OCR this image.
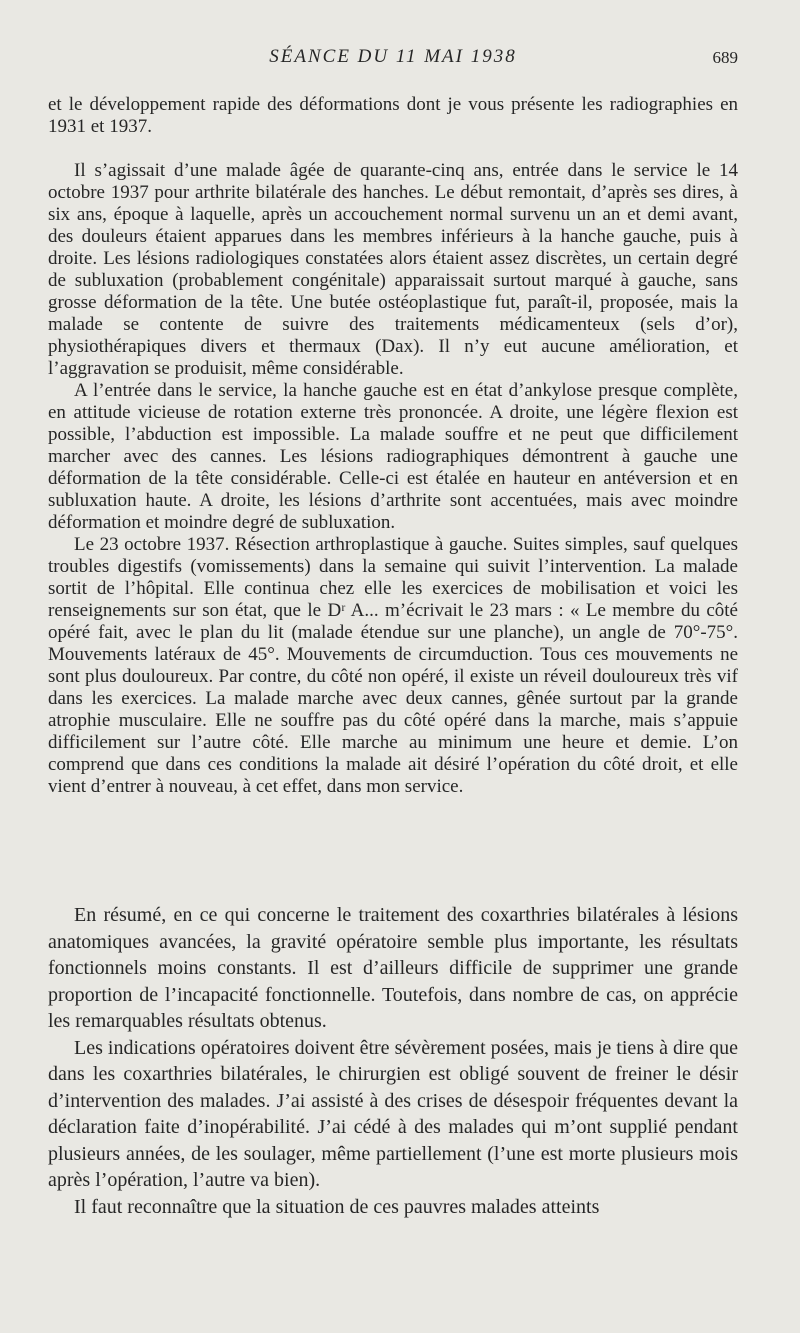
SÉANCE DU 11 MAI 1938	689

et le développement rapide des déformations dont je vous présente les radiographies en 1931 et 1937.

Il s’agissait d’une malade âgée de quarante-cinq ans, entrée dans le service le 14 octobre 1937 pour arthrite bilatérale des hanches. Le début remontait, d’après ses dires, à six ans, époque à laquelle, après un accouchement normal survenu un an et demi avant, des douleurs étaient apparues dans les membres inférieurs à la hanche gauche, puis à droite. Les lésions radiologiques constatées alors étaient assez discrètes, un certain degré de subluxation (probablement congénitale) apparaissait surtout marqué à gauche, sans grosse déformation de la tête. Une butée ostéoplastique fut, paraît-il, proposée, mais la malade se contente de suivre des traitements médicamenteux (sels d’or), physiothérapiques divers et thermaux (Dax). Il n’y eut aucune amélioration, et l’aggravation se produisit, même considérable.

A l’entrée dans le service, la hanche gauche est en état d’ankylose presque complète, en attitude vicieuse de rotation externe très prononcée. A droite, une légère flexion est possible, l’abduction est impossible. La malade souffre et ne peut que difficilement marcher avec des cannes. Les lésions radiographiques démontrent à gauche une déformation de la tête considérable. Celle-ci est étalée en hauteur en antéversion et en subluxation haute. A droite, les lésions d’arthrite sont accentuées, mais avec moindre déformation et moindre degré de subluxation.

Le 23 octobre 1937. Résection arthroplastique à gauche. Suites simples, sauf quelques troubles digestifs (vomissements) dans la semaine qui suivit l’intervention. La malade sortit de l’hôpital. Elle continua chez elle les exercices de mobilisation et voici les renseignements sur son état, que le Dʳ A... m’écrivait le 23 mars : « Le membre du côté opéré fait, avec le plan du lit (malade étendue sur une planche), un angle de 70°-75°. Mouvements latéraux de 45°. Mouvements de circumduction. Tous ces mouvements ne sont plus douloureux. Par contre, du côté non opéré, il existe un réveil douloureux très vif dans les exercices. La malade marche avec deux cannes, gênée surtout par la grande atrophie musculaire. Elle ne souffre pas du côté opéré dans la marche, mais s’appuie difficilement sur l’autre côté. Elle marche au minimum une heure et demie. L’on comprend que dans ces conditions la malade ait désiré l’opération du côté droit, et elle vient d’entrer à nouveau, à cet effet, dans mon service.

En résumé, en ce qui concerne le traitement des coxarthries bilatérales à lésions anatomiques avancées, la gravité opératoire semble plus importante, les résultats fonctionnels moins constants. Il est d’ailleurs difficile de supprimer une grande proportion de l’incapacité fonctionnelle. Toutefois, dans nombre de cas, on apprécie les remarquables résultats obtenus.

Les indications opératoires doivent être sévèrement posées, mais je tiens à dire que dans les coxarthries bilatérales, le chirurgien est obligé souvent de freiner le désir d’intervention des malades. J’ai assisté à des crises de désespoir fréquentes devant la déclaration faite d’inopérabilité. J’ai cédé à des malades qui m’ont supplié pendant plusieurs années, de les soulager, même partiellement (l’une est morte plusieurs mois après l’opération, l’autre va bien).

Il faut reconnaître que la situation de ces pauvres malades atteints
